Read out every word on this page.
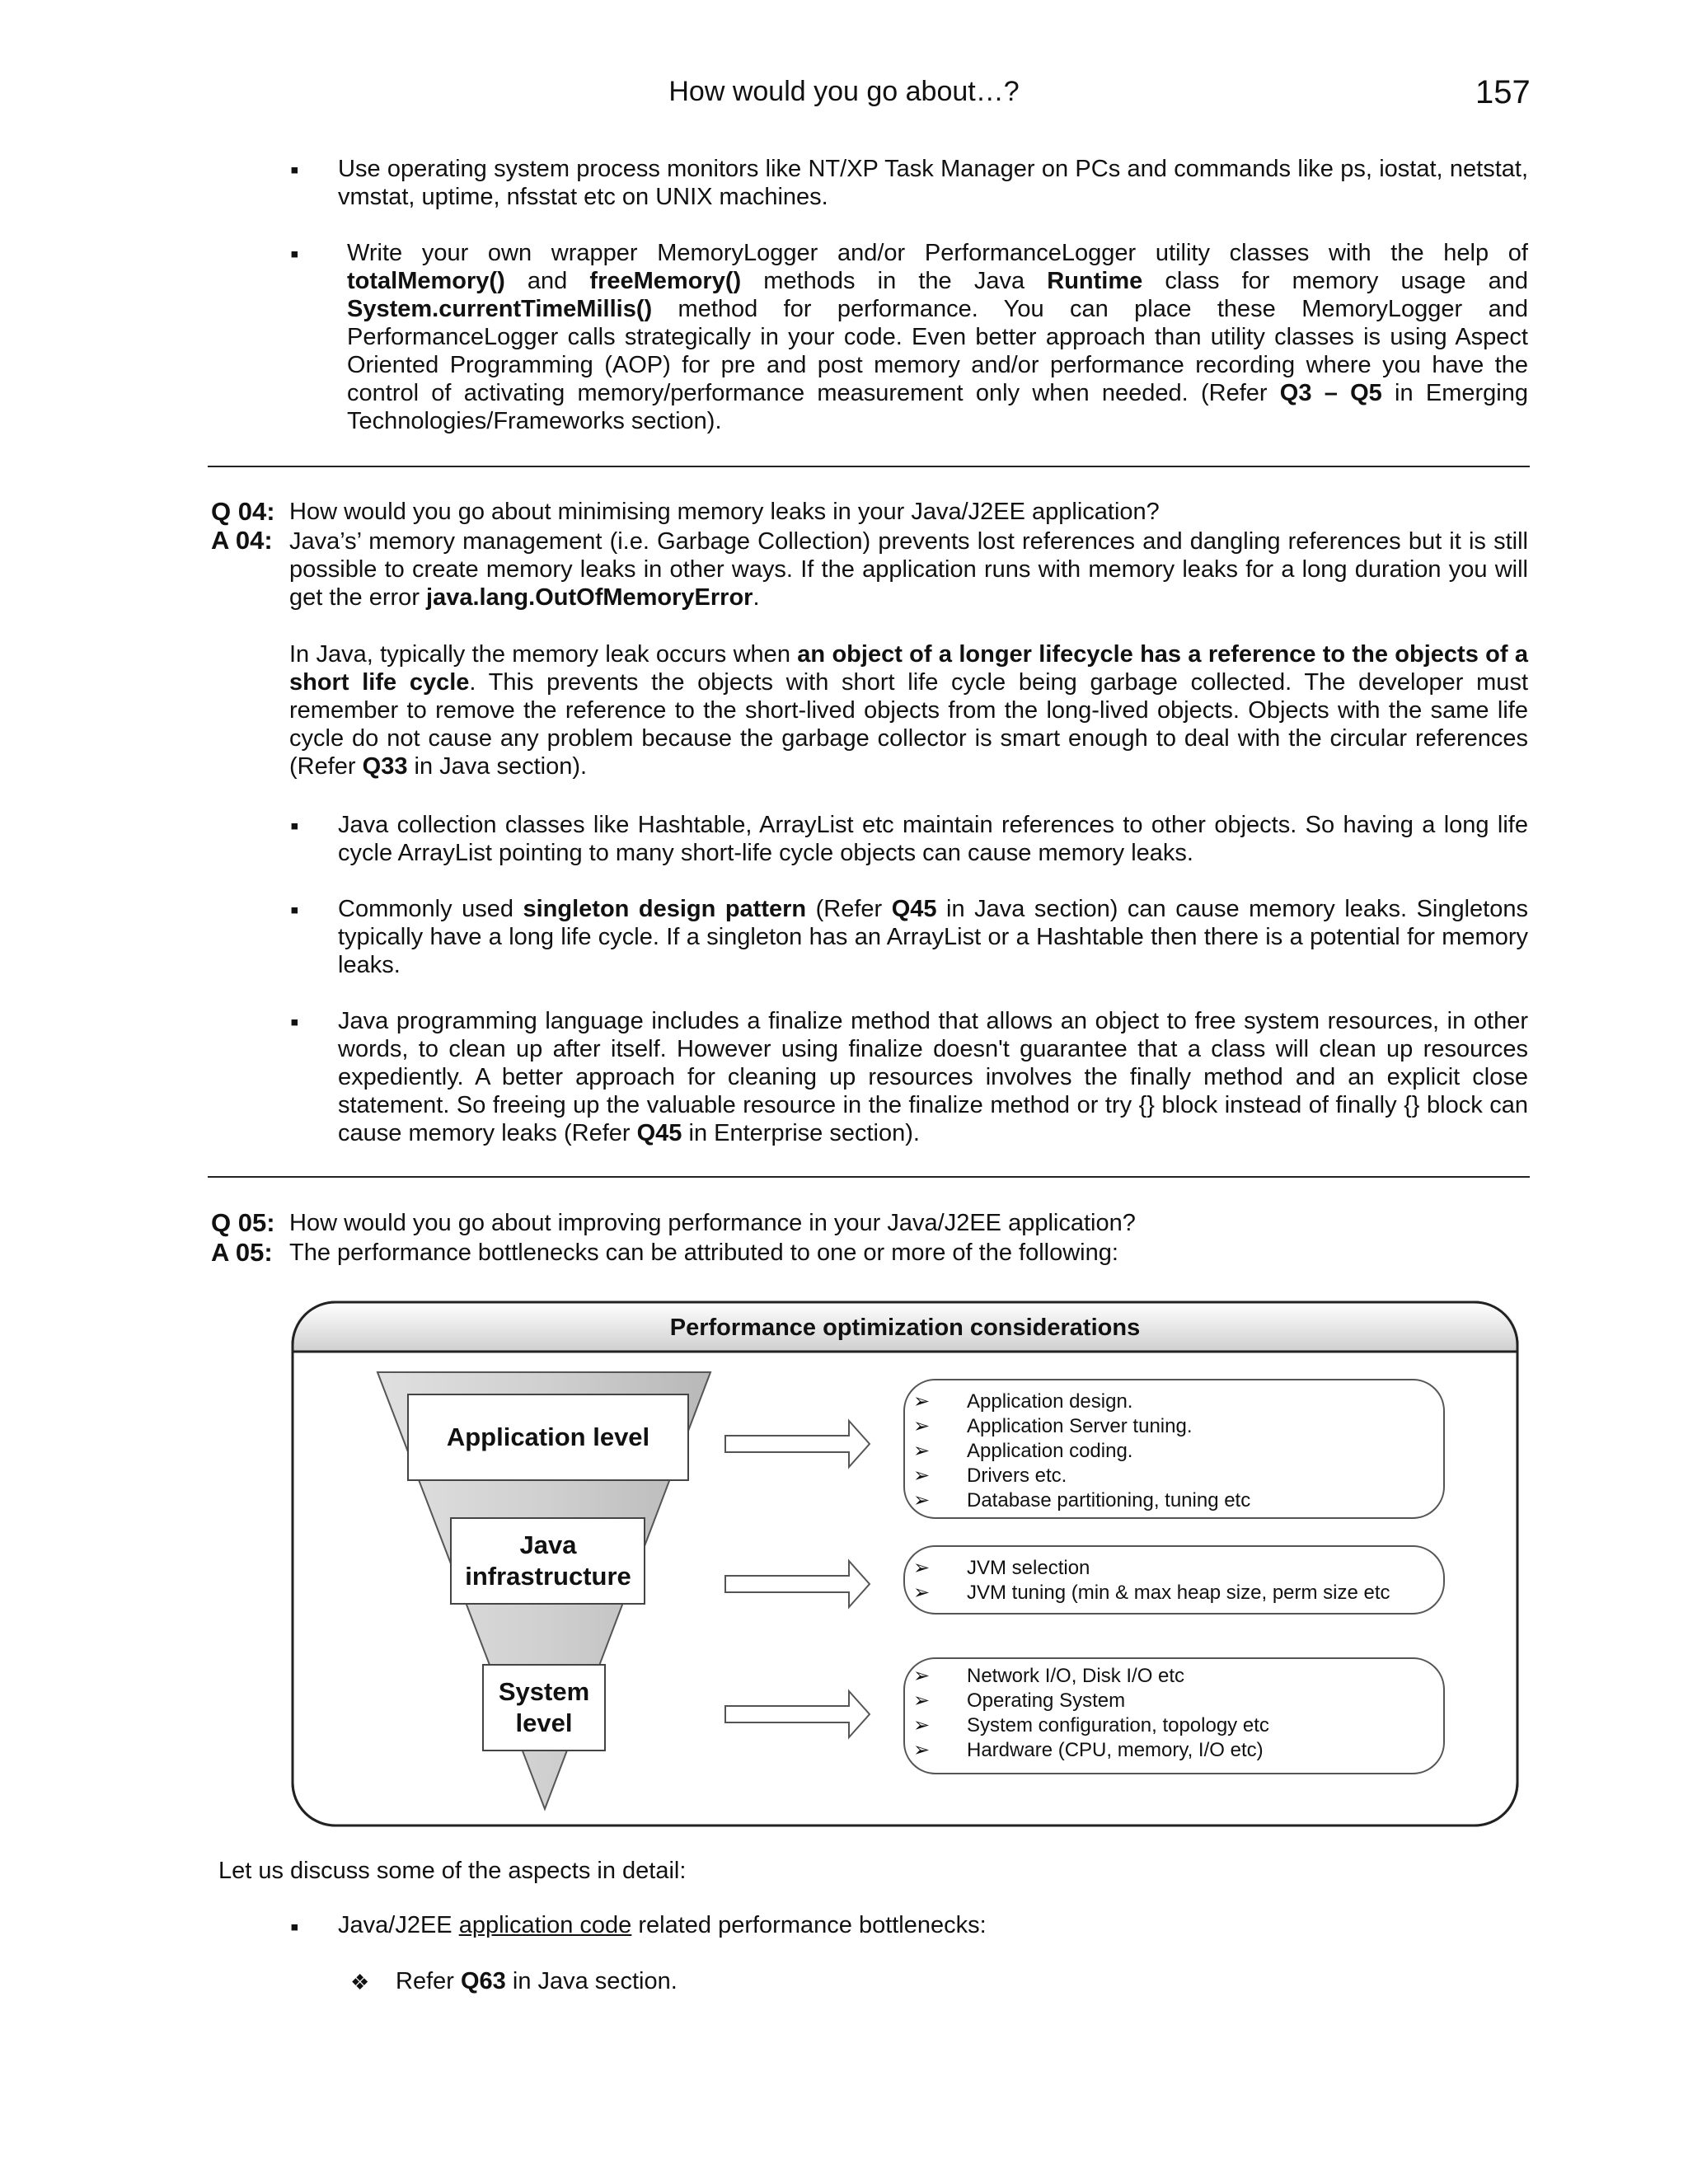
How would you go about…?	157
▪ Use operating system process monitors like NT/XP Task Manager on PCs and commands like ps, iostat, netstat, vmstat, uptime, nfsstat etc on UNIX machines.
▪ Write your own wrapper MemoryLogger and/or PerformanceLogger utility classes with the help of totalMemory() and freeMemory() methods in the Java Runtime class for memory usage and System.currentTimeMillis() method for performance. You can place these MemoryLogger and PerformanceLogger calls strategically in your code. Even better approach than utility classes is using Aspect Oriented Programming (AOP) for pre and post memory and/or performance recording where you have the control of activating memory/performance measurement only when needed. (Refer Q3 – Q5 in Emerging Technologies/Frameworks section).
Q 04: How would you go about minimising memory leaks in your Java/J2EE application?
A 04: Java’s’ memory management (i.e. Garbage Collection) prevents lost references and dangling references but it is still possible to create memory leaks in other ways. If the application runs with memory leaks for a long duration you will get the error java.lang.OutOfMemoryError.
In Java, typically the memory leak occurs when an object of a longer lifecycle has a reference to the objects of a short life cycle. This prevents the objects with short life cycle being garbage collected. The developer must remember to remove the reference to the short-lived objects from the long-lived objects. Objects with the same life cycle do not cause any problem because the garbage collector is smart enough to deal with the circular references (Refer Q33 in Java section).
▪ Java collection classes like Hashtable, ArrayList etc maintain references to other objects. So having a long life cycle ArrayList pointing to many short-life cycle objects can cause memory leaks.
▪ Commonly used singleton design pattern (Refer Q45 in Java section) can cause memory leaks. Singletons typically have a long life cycle. If a singleton has an ArrayList or a Hashtable then there is a potential for memory leaks.
▪ Java programming language includes a finalize method that allows an object to free system resources, in other words, to clean up after itself. However using finalize doesn't guarantee that a class will clean up resources expediently. A better approach for cleaning up resources involves the finally method and an explicit close statement. So freeing up the valuable resource in the finalize method or try {} block instead of finally {} block can cause memory leaks (Refer Q45 in Enterprise section).
Q 05: How would you go about improving performance in your Java/J2EE application?
A 05: The performance bottlenecks can be attributed to one or more of the following:
Performance optimization considerations
Application level
Java
infrastructure
System
level
➢ Application design.
➢ Application Server tuning.
➢ Application coding.
➢ Drivers etc.
➢ Database partitioning, tuning etc
➢ JVM selection
➢ JVM tuning (min & max heap size, perm size etc
➢ Network I/O, Disk I/O etc
➢ Operating System
➢ System configuration, topology etc
➢ Hardware (CPU, memory, I/O etc)
Let us discuss some of the aspects in detail:
▪ Java/J2EE application code related performance bottlenecks:
❖ Refer Q63 in Java section.
